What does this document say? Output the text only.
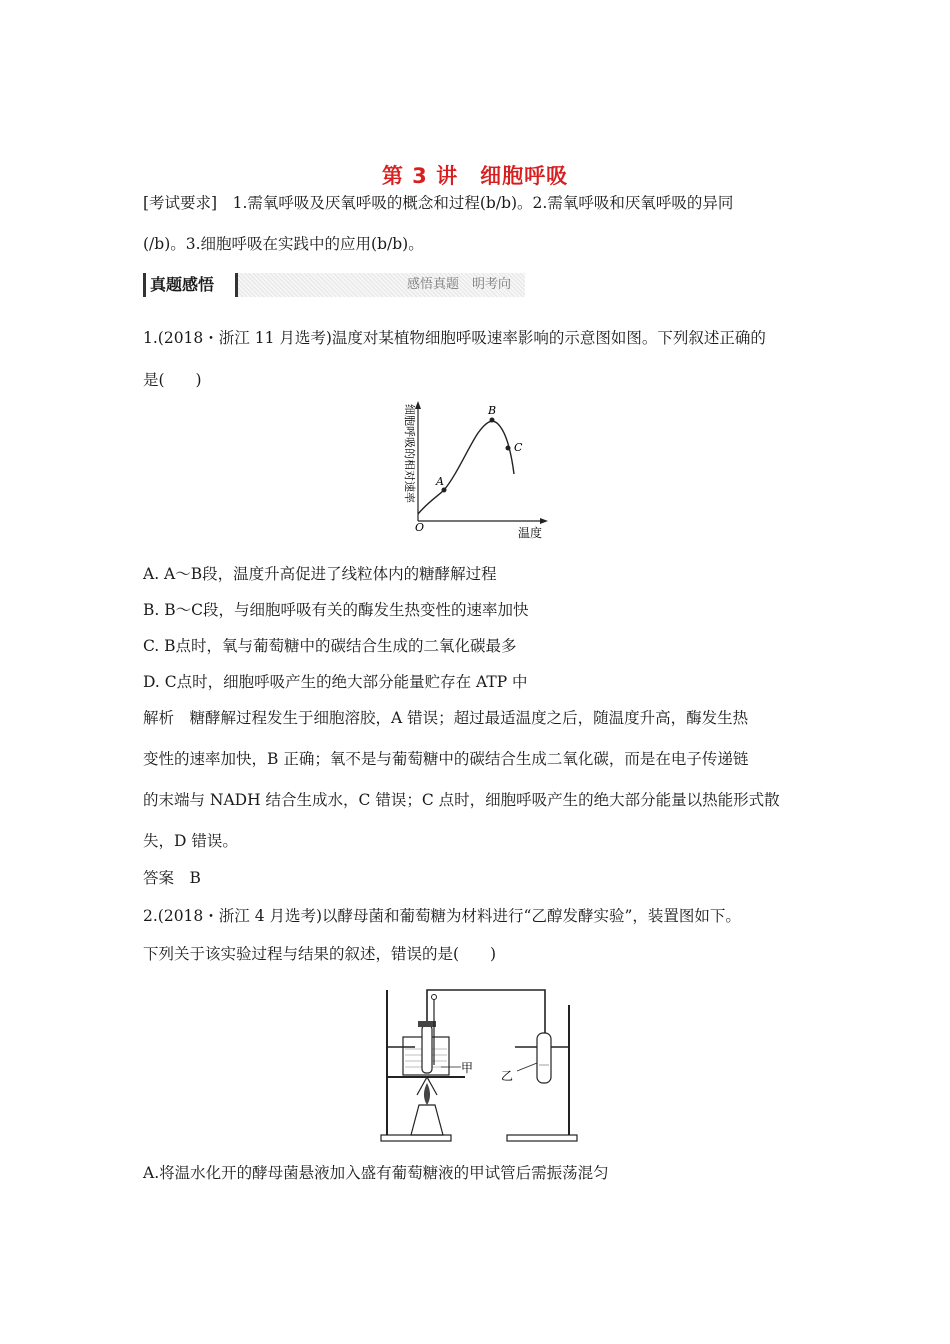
第 3 讲　细胞呼吸
[考试要求]　1.需氧呼吸及厌氧呼吸的概念和过程(b/b)。2.需氧呼吸和厌氧呼吸的异同
(/b)。3.细胞呼吸在实践中的应用(b/b)。
真题感悟	感悟真题　明考向
1.(2018・浙江 11 月选考)温度对某植物细胞呼吸速率影响的示意图如图。下列叙述正确的
是(　　)
A
B
C
O	温度
细胞呼吸的相对速率
A. A～B段，温度升高促进了线粒体内的糖酵解过程
B. B～C段，与细胞呼吸有关的酶发生热变性的速率加快
C. B点时，氧与葡萄糖中的碳结合生成的二氧化碳最多
D. C点时，细胞呼吸产生的绝大部分能量贮存在 ATP 中
解析　糖酵解过程发生于细胞溶胶，A 错误；超过最适温度之后，随温度升高，酶发生热
变性的速率加快，B 正确；氧不是与葡萄糖中的碳结合生成二氧化碳，而是在电子传递链
的末端与 NADH 结合生成水，C 错误；C 点时，细胞呼吸产生的绝大部分能量以热能形式散
失，D 错误。
答案　B
2.(2018・浙江 4 月选考)以酵母菌和葡萄糖为材料进行“乙醇发酵实验”，装置图如下。
下列关于该实验过程与结果的叙述，错误的是(　　)
甲
乙
A.将温水化开的酵母菌悬液加入盛有葡萄糖液的甲试管后需振荡混匀
